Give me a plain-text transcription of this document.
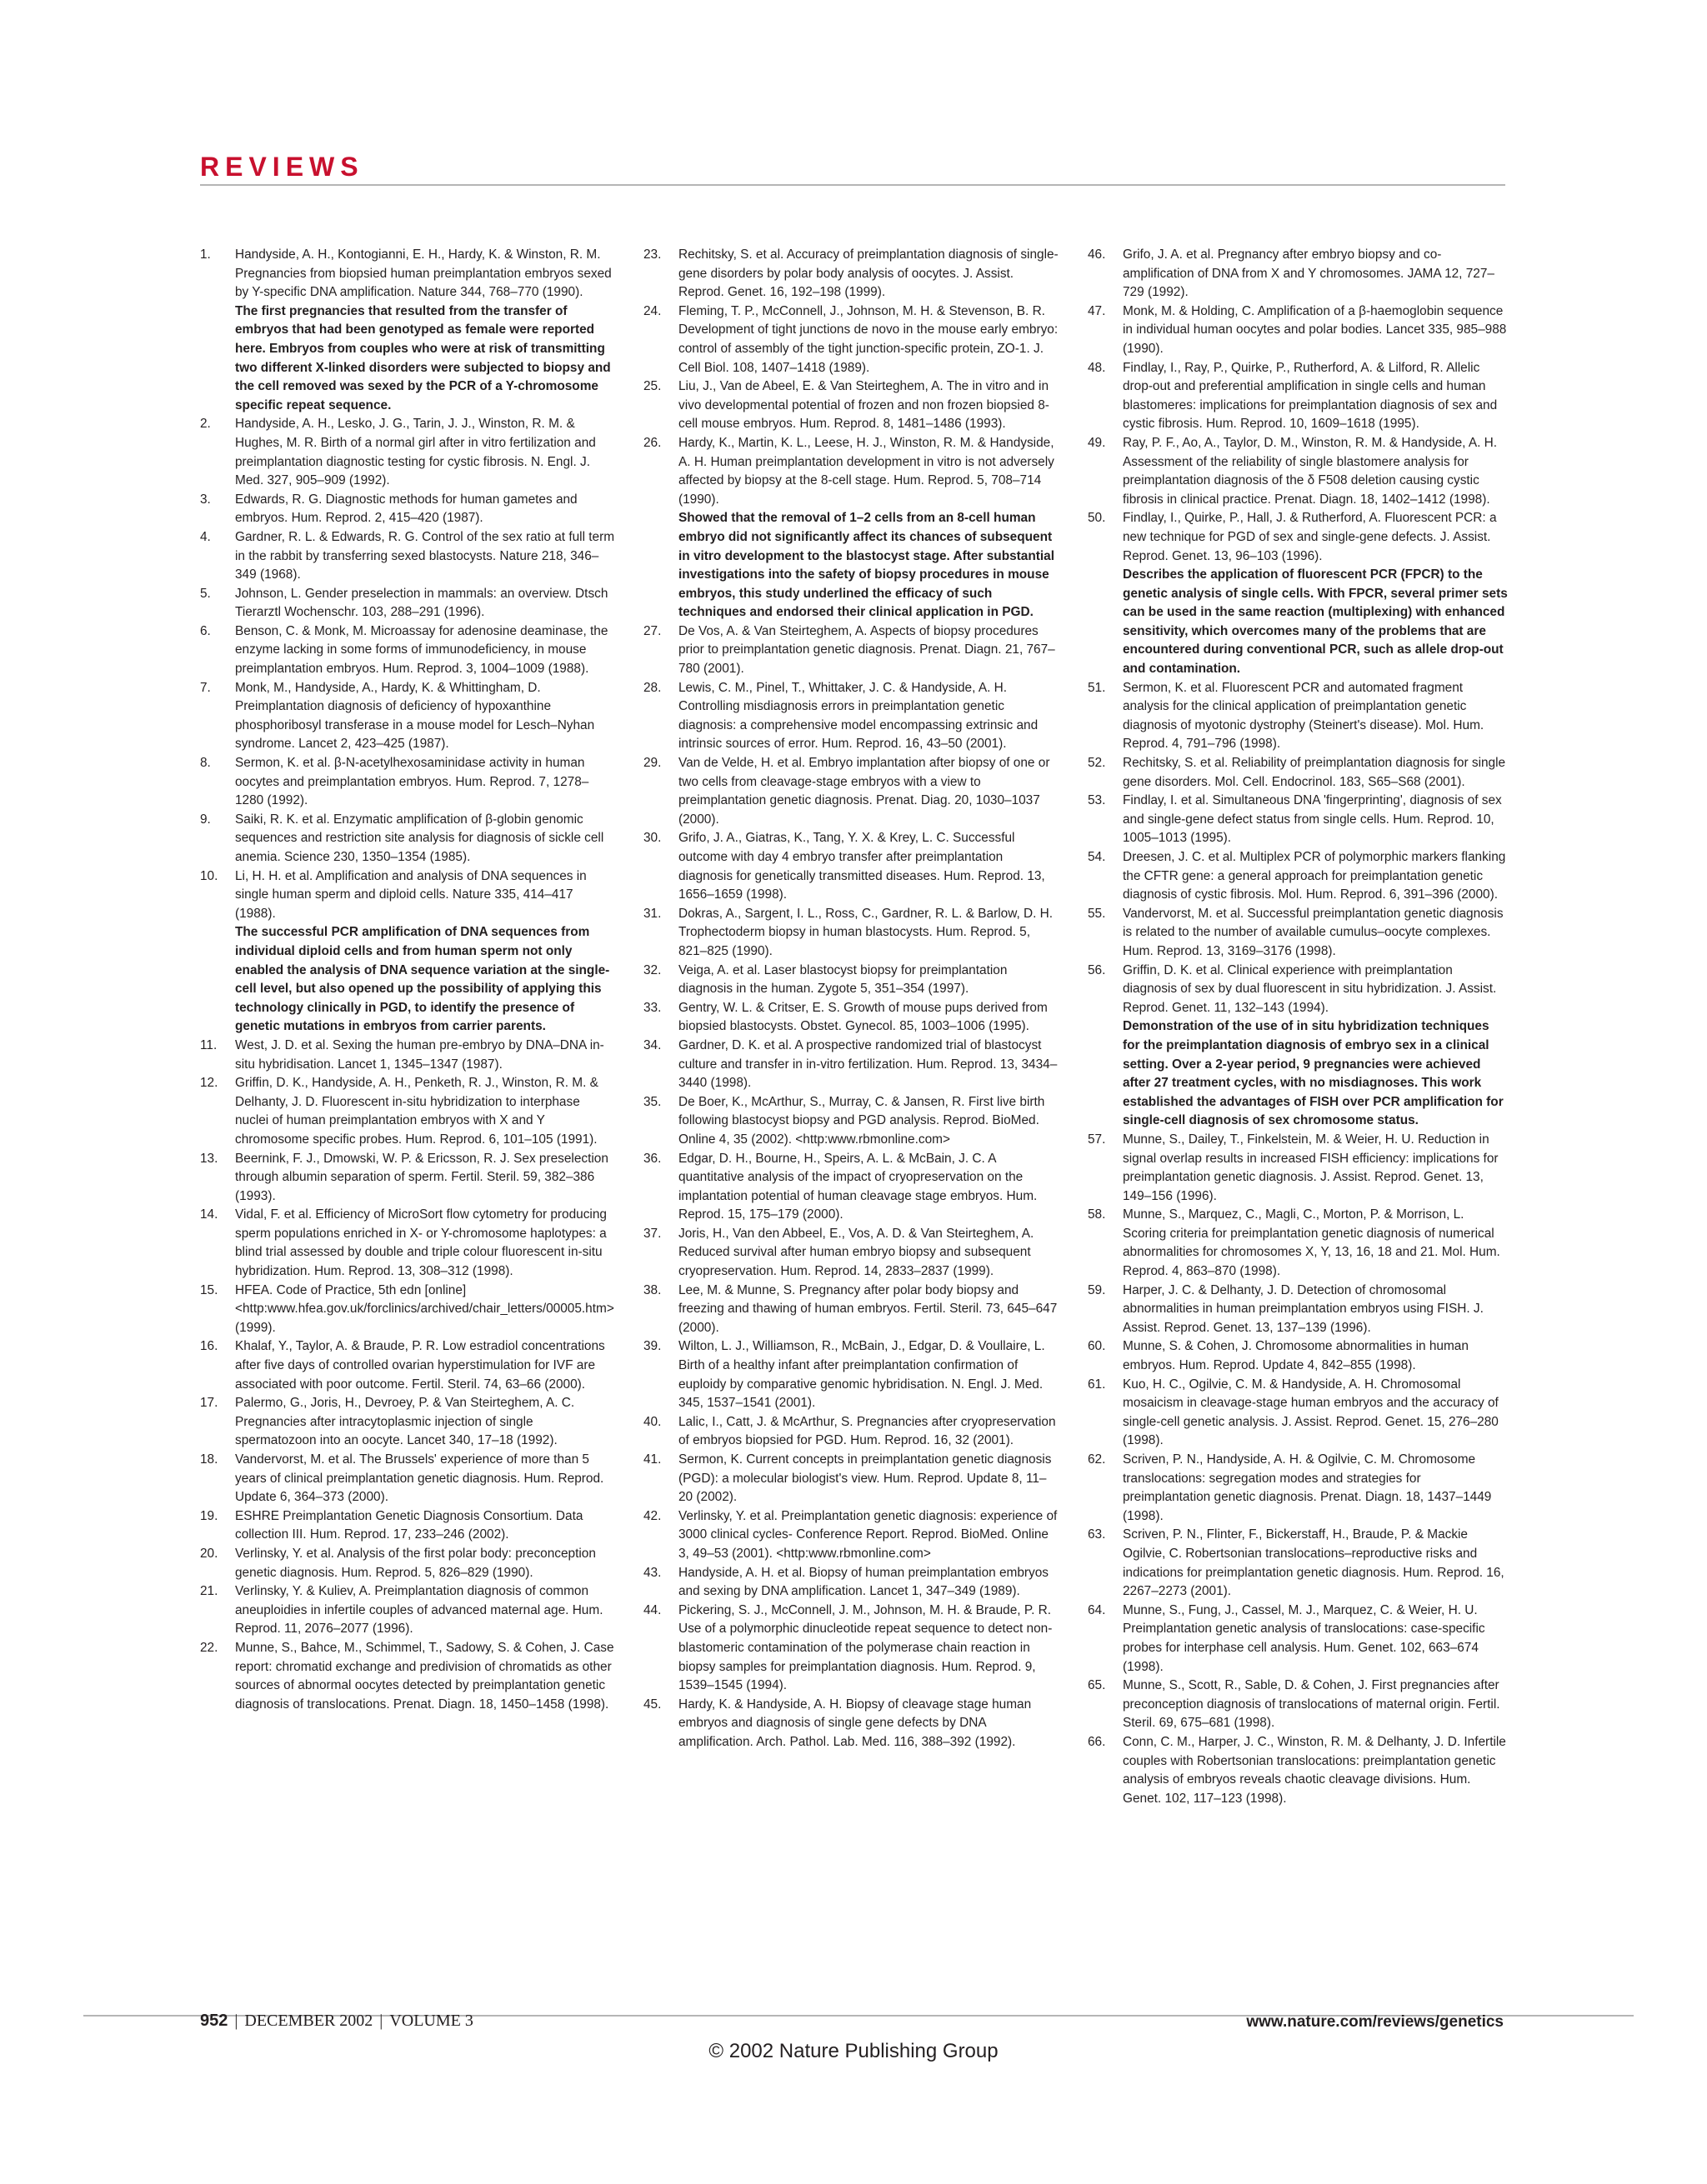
REVIEWS
1. Handyside, A. H., Kontogianni, E. H., Hardy, K. & Winston, R. M. Pregnancies from biopsied human preimplantation embryos sexed by Y-specific DNA amplification. Nature 344, 768–770 (1990).
The first pregnancies that resulted from the transfer of embryos that had been genotyped as female were reported here. Embryos from couples who were at risk of transmitting two different X-linked disorders were subjected to biopsy and the cell removed was sexed by the PCR of a Y-chromosome specific repeat sequence.
2. Handyside, A. H., Lesko, J. G., Tarin, J. J., Winston, R. M. & Hughes, M. R. Birth of a normal girl after in vitro fertilization and preimplantation diagnostic testing for cystic fibrosis. N. Engl. J. Med. 327, 905–909 (1992).
3. Edwards, R. G. Diagnostic methods for human gametes and embryos. Hum. Reprod. 2, 415–420 (1987).
4. Gardner, R. L. & Edwards, R. G. Control of the sex ratio at full term in the rabbit by transferring sexed blastocysts. Nature 218, 346–349 (1968).
5. Johnson, L. Gender preselection in mammals: an overview. Dtsch Tierarztl Wochenschr. 103, 288–291 (1996).
6. Benson, C. & Monk, M. Microassay for adenosine deaminase, the enzyme lacking in some forms of immunodeficiency, in mouse preimplantation embryos. Hum. Reprod. 3, 1004–1009 (1988).
7. Monk, M., Handyside, A., Hardy, K. & Whittingham, D. Preimplantation diagnosis of deficiency of hypoxanthine phosphoribosyl transferase in a mouse model for Lesch–Nyhan syndrome. Lancet 2, 423–425 (1987).
8. Sermon, K. et al. β-N-acetylhexosaminidase activity in human oocytes and preimplantation embryos. Hum. Reprod. 7, 1278–1280 (1992).
9. Saiki, R. K. et al. Enzymatic amplification of β-globin genomic sequences and restriction site analysis for diagnosis of sickle cell anemia. Science 230, 1350–1354 (1985).
10. Li, H. H. et al. Amplification and analysis of DNA sequences in single human sperm and diploid cells. Nature 335, 414–417 (1988).
The successful PCR amplification of DNA sequences from individual diploid cells and from human sperm not only enabled the analysis of DNA sequence variation at the single-cell level, but also opened up the possibility of applying this technology clinically in PGD, to identify the presence of genetic mutations in embryos from carrier parents.
11. West, J. D. et al. Sexing the human pre-embryo by DNA–DNA in-situ hybridisation. Lancet 1, 1345–1347 (1987).
12. Griffin, D. K., Handyside, A. H., Penketh, R. J., Winston, R. M. & Delhanty, J. D. Fluorescent in-situ hybridization to interphase nuclei of human preimplantation embryos with X and Y chromosome specific probes. Hum. Reprod. 6, 101–105 (1991).
13. Beernink, F. J., Dmowski, W. P. & Ericsson, R. J. Sex preselection through albumin separation of sperm. Fertil. Steril. 59, 382–386 (1993).
14. Vidal, F. et al. Efficiency of MicroSort flow cytometry for producing sperm populations enriched in X- or Y-chromosome haplotypes: a blind trial assessed by double and triple colour fluorescent in-situ hybridization. Hum. Reprod. 13, 308–312 (1998).
15. HFEA. Code of Practice, 5th edn [online] <http:www.hfea.gov.uk/forclinics/archived/chair_letters/00005.htm> (1999).
16. Khalaf, Y., Taylor, A. & Braude, P. R. Low estradiol concentrations after five days of controlled ovarian hyperstimulation for IVF are associated with poor outcome. Fertil. Steril. 74, 63–66 (2000).
17. Palermo, G., Joris, H., Devroey, P. & Van Steirteghem, A. C. Pregnancies after intracytoplasmic injection of single spermatozoon into an oocyte. Lancet 340, 17–18 (1992).
18. Vandervorst, M. et al. The Brussels' experience of more than 5 years of clinical preimplantation genetic diagnosis. Hum. Reprod. Update 6, 364–373 (2000).
19. ESHRE Preimplantation Genetic Diagnosis Consortium. Data collection III. Hum. Reprod. 17, 233–246 (2002).
20. Verlinsky, Y. et al. Analysis of the first polar body: preconception genetic diagnosis. Hum. Reprod. 5, 826–829 (1990).
21. Verlinsky, Y. & Kuliev, A. Preimplantation diagnosis of common aneuploidies in infertile couples of advanced maternal age. Hum. Reprod. 11, 2076–2077 (1996).
22. Munne, S., Bahce, M., Schimmel, T., Sadowy, S. & Cohen, J. Case report: chromatid exchange and predivision of chromatids as other sources of abnormal oocytes detected by preimplantation genetic diagnosis of translocations. Prenat. Diagn. 18, 1450–1458 (1998).
23. Rechitsky, S. et al. Accuracy of preimplantation diagnosis of single-gene disorders by polar body analysis of oocytes. J. Assist. Reprod. Genet. 16, 192–198 (1999).
24. Fleming, T. P., McConnell, J., Johnson, M. H. & Stevenson, B. R. Development of tight junctions de novo in the mouse early embryo: control of assembly of the tight junction-specific protein, ZO-1. J. Cell Biol. 108, 1407–1418 (1989).
25. Liu, J., Van de Abeel, E. & Van Steirteghem, A. The in vitro and in vivo developmental potential of frozen and non frozen biopsied 8-cell mouse embryos. Hum. Reprod. 8, 1481–1486 (1993).
26. Hardy, K., Martin, K. L., Leese, H. J., Winston, R. M. & Handyside, A. H. Human preimplantation development in vitro is not adversely affected by biopsy at the 8-cell stage. Hum. Reprod. 5, 708–714 (1990).
Showed that the removal of 1–2 cells from an 8-cell human embryo did not significantly affect its chances of subsequent in vitro development to the blastocyst stage. After substantial investigations into the safety of biopsy procedures in mouse embryos, this study underlined the efficacy of such techniques and endorsed their clinical application in PGD.
27. De Vos, A. & Van Steirteghem, A. Aspects of biopsy procedures prior to preimplantation genetic diagnosis. Prenat. Diagn. 21, 767–780 (2001).
28. Lewis, C. M., Pinel, T., Whittaker, J. C. & Handyside, A. H. Controlling misdiagnosis errors in preimplantation genetic diagnosis: a comprehensive model encompassing extrinsic and intrinsic sources of error. Hum. Reprod. 16, 43–50 (2001).
29. Van de Velde, H. et al. Embryo implantation after biopsy of one or two cells from cleavage-stage embryos with a view to preimplantation genetic diagnosis. Prenat. Diag. 20, 1030–1037 (2000).
30. Grifo, J. A., Giatras, K., Tang, Y. X. & Krey, L. C. Successful outcome with day 4 embryo transfer after preimplantation diagnosis for genetically transmitted diseases. Hum. Reprod. 13, 1656–1659 (1998).
31. Dokras, A., Sargent, I. L., Ross, C., Gardner, R. L. & Barlow, D. H. Trophectoderm biopsy in human blastocysts. Hum. Reprod. 5, 821–825 (1990).
32. Veiga, A. et al. Laser blastocyst biopsy for preimplantation diagnosis in the human. Zygote 5, 351–354 (1997).
33. Gentry, W. L. & Critser, E. S. Growth of mouse pups derived from biopsied blastocysts. Obstet. Gynecol. 85, 1003–1006 (1995).
34. Gardner, D. K. et al. A prospective randomized trial of blastocyst culture and transfer in in-vitro fertilization. Hum. Reprod. 13, 3434–3440 (1998).
35. De Boer, K., McArthur, S., Murray, C. & Jansen, R. First live birth following blastocyst biopsy and PGD analysis. Reprod. BioMed. Online 4, 35 (2002). <http:www.rbmonline.com>
36. Edgar, D. H., Bourne, H., Speirs, A. L. & McBain, J. C. A quantitative analysis of the impact of cryopreservation on the implantation potential of human cleavage stage embryos. Hum. Reprod. 15, 175–179 (2000).
37. Joris, H., Van den Abbeel, E., Vos, A. D. & Van Steirteghem, A. Reduced survival after human embryo biopsy and subsequent cryopreservation. Hum. Reprod. 14, 2833–2837 (1999).
38. Lee, M. & Munne, S. Pregnancy after polar body biopsy and freezing and thawing of human embryos. Fertil. Steril. 73, 645–647 (2000).
39. Wilton, L. J., Williamson, R., McBain, J., Edgar, D. & Voullaire, L. Birth of a healthy infant after preimplantation confirmation of euploidy by comparative genomic hybridisation. N. Engl. J. Med. 345, 1537–1541 (2001).
40. Lalic, I., Catt, J. & McArthur, S. Pregnancies after cryopreservation of embryos biopsied for PGD. Hum. Reprod. 16, 32 (2001).
41. Sermon, K. Current concepts in preimplantation genetic diagnosis (PGD): a molecular biologist's view. Hum. Reprod. Update 8, 11–20 (2002).
42. Verlinsky, Y. et al. Preimplantation genetic diagnosis: experience of 3000 clinical cycles- Conference Report. Reprod. BioMed. Online 3, 49–53 (2001). <http:www.rbmonline.com>
43. Handyside, A. H. et al. Biopsy of human preimplantation embryos and sexing by DNA amplification. Lancet 1, 347–349 (1989).
44. Pickering, S. J., McConnell, J. M., Johnson, M. H. & Braude, P. R. Use of a polymorphic dinucleotide repeat sequence to detect non-blastomeric contamination of the polymerase chain reaction in biopsy samples for preimplantation diagnosis. Hum. Reprod. 9, 1539–1545 (1994).
45. Hardy, K. & Handyside, A. H. Biopsy of cleavage stage human embryos and diagnosis of single gene defects by DNA amplification. Arch. Pathol. Lab. Med. 116, 388–392 (1992).
46. Grifo, J. A. et al. Pregnancy after embryo biopsy and co-amplification of DNA from X and Y chromosomes. JAMA 12, 727–729 (1992).
47. Monk, M. & Holding, C. Amplification of a β-haemoglobin sequence in individual human oocytes and polar bodies. Lancet 335, 985–988 (1990).
48. Findlay, I., Ray, P., Quirke, P., Rutherford, A. & Lilford, R. Allelic drop-out and preferential amplification in single cells and human blastomeres: implications for preimplantation diagnosis of sex and cystic fibrosis. Hum. Reprod. 10, 1609–1618 (1995).
49. Ray, P. F., Ao, A., Taylor, D. M., Winston, R. M. & Handyside, A. H. Assessment of the reliability of single blastomere analysis for preimplantation diagnosis of the δ F508 deletion causing cystic fibrosis in clinical practice. Prenat. Diagn. 18, 1402–1412 (1998).
50. Findlay, I., Quirke, P., Hall, J. & Rutherford, A. Fluorescent PCR: a new technique for PGD of sex and single-gene defects. J. Assist. Reprod. Genet. 13, 96–103 (1996).
Describes the application of fluorescent PCR (FPCR) to the genetic analysis of single cells. With FPCR, several primer sets can be used in the same reaction (multiplexing) with enhanced sensitivity, which overcomes many of the problems that are encountered during conventional PCR, such as allele drop-out and contamination.
51. Sermon, K. et al. Fluorescent PCR and automated fragment analysis for the clinical application of preimplantation genetic diagnosis of myotonic dystrophy (Steinert's disease). Mol. Hum. Reprod. 4, 791–796 (1998).
52. Rechitsky, S. et al. Reliability of preimplantation diagnosis for single gene disorders. Mol. Cell. Endocrinol. 183, S65–S68 (2001).
53. Findlay, I. et al. Simultaneous DNA 'fingerprinting', diagnosis of sex and single-gene defect status from single cells. Hum. Reprod. 10, 1005–1013 (1995).
54. Dreesen, J. C. et al. Multiplex PCR of polymorphic markers flanking the CFTR gene: a general approach for preimplantation genetic diagnosis of cystic fibrosis. Mol. Hum. Reprod. 6, 391–396 (2000).
55. Vandervorst, M. et al. Successful preimplantation genetic diagnosis is related to the number of available cumulus–oocyte complexes. Hum. Reprod. 13, 3169–3176 (1998).
56. Griffin, D. K. et al. Clinical experience with preimplantation diagnosis of sex by dual fluorescent in situ hybridization. J. Assist. Reprod. Genet. 11, 132–143 (1994).
Demonstration of the use of in situ hybridization techniques for the preimplantation diagnosis of embryo sex in a clinical setting. Over a 2-year period, 9 pregnancies were achieved after 27 treatment cycles, with no misdiagnoses. This work established the advantages of FISH over PCR amplification for single-cell diagnosis of sex chromosome status.
57. Munne, S., Dailey, T., Finkelstein, M. & Weier, H. U. Reduction in signal overlap results in increased FISH efficiency: implications for preimplantation genetic diagnosis. J. Assist. Reprod. Genet. 13, 149–156 (1996).
58. Munne, S., Marquez, C., Magli, C., Morton, P. & Morrison, L. Scoring criteria for preimplantation genetic diagnosis of numerical abnormalities for chromosomes X, Y, 13, 16, 18 and 21. Mol. Hum. Reprod. 4, 863–870 (1998).
59. Harper, J. C. & Delhanty, J. D. Detection of chromosomal abnormalities in human preimplantation embryos using FISH. J. Assist. Reprod. Genet. 13, 137–139 (1996).
60. Munne, S. & Cohen, J. Chromosome abnormalities in human embryos. Hum. Reprod. Update 4, 842–855 (1998).
61. Kuo, H. C., Ogilvie, C. M. & Handyside, A. H. Chromosomal mosaicism in cleavage-stage human embryos and the accuracy of single-cell genetic analysis. J. Assist. Reprod. Genet. 15, 276–280 (1998).
62. Scriven, P. N., Handyside, A. H. & Ogilvie, C. M. Chromosome translocations: segregation modes and strategies for preimplantation genetic diagnosis. Prenat. Diagn. 18, 1437–1449 (1998).
63. Scriven, P. N., Flinter, F., Bickerstaff, H., Braude, P. & Mackie Ogilvie, C. Robertsonian translocations–reproductive risks and indications for preimplantation genetic diagnosis. Hum. Reprod. 16, 2267–2273 (2001).
64. Munne, S., Fung, J., Cassel, M. J., Marquez, C. & Weier, H. U. Preimplantation genetic analysis of translocations: case-specific probes for interphase cell analysis. Hum. Genet. 102, 663–674 (1998).
65. Munne, S., Scott, R., Sable, D. & Cohen, J. First pregnancies after preconception diagnosis of translocations of maternal origin. Fertil. Steril. 69, 675–681 (1998).
66. Conn, C. M., Harper, J. C., Winston, R. M. & Delhanty, J. D. Infertile couples with Robertsonian translocations: preimplantation genetic analysis of embryos reveals chaotic cleavage divisions. Hum. Genet. 102, 117–123 (1998).
952 | DECEMBER 2002 | VOLUME 3	www.nature.com/reviews/genetics
© 2002 Nature Publishing Group
